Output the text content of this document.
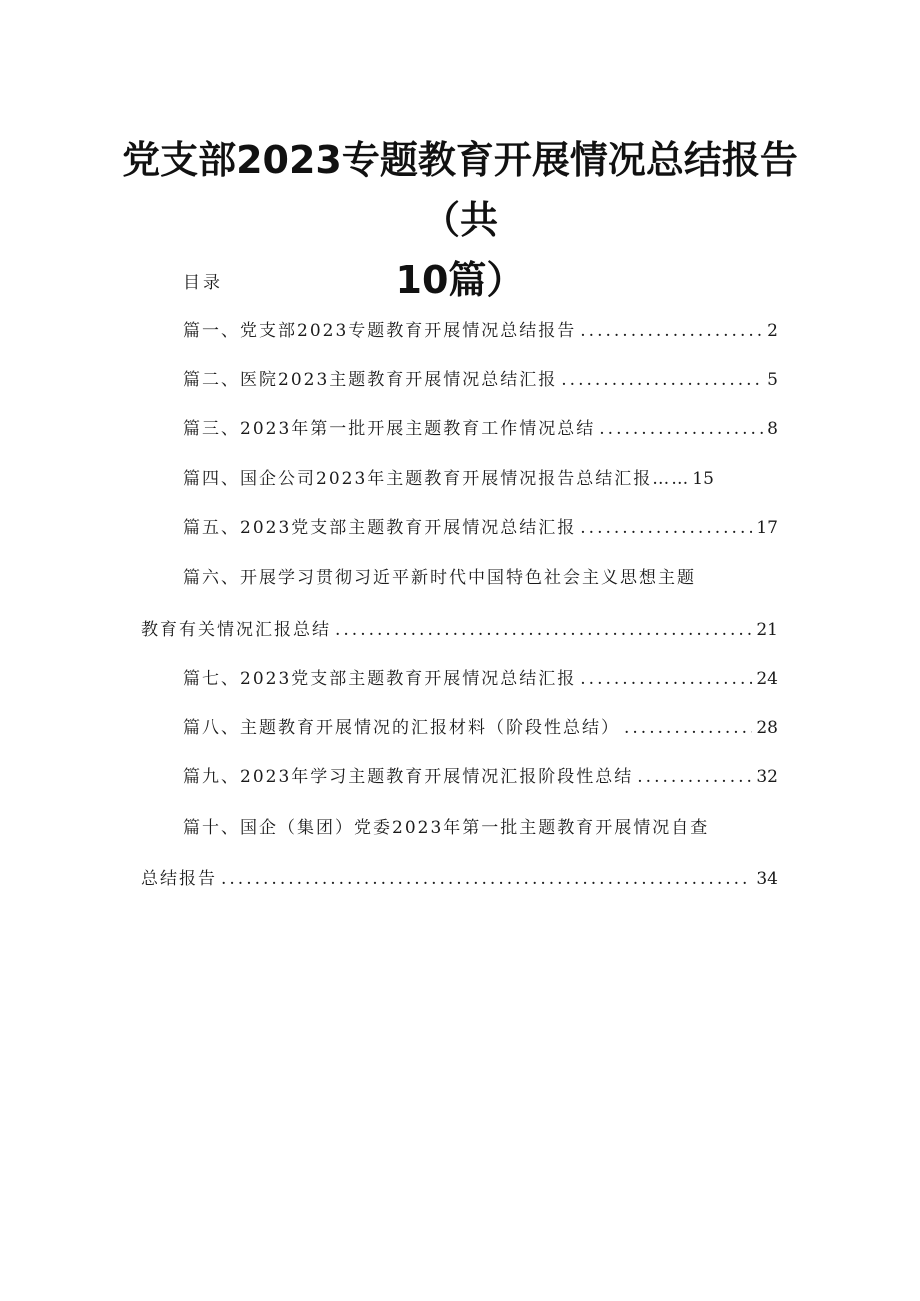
党支部2023专题教育开展情况总结报告（共
10篇）
目录
篇一、党支部2023专题教育开展情况总结报告 .....	2
篇二、医院2023主题教育开展情况总结汇报 .....	5
篇三、2023年第一批开展主题教育工作情况总结 .....	8
篇四、国企公司2023年主题教育开展情况报告总结汇报…… 15
篇五、2023党支部主题教育开展情况总结汇报 .....	17
篇六、开展学习贯彻习近平新时代中国特色社会主义思想主题
教育有关情况汇报总结 .....	21
篇七、2023党支部主题教育开展情况总结汇报 .....	24
篇八、主题教育开展情况的汇报材料（阶段性总结） .....	28
篇九、2023年学习主题教育开展情况汇报阶段性总结 .....	32
篇十、国企（集团）党委2023年第一批主题教育开展情况自查
总结报告 .....	34
